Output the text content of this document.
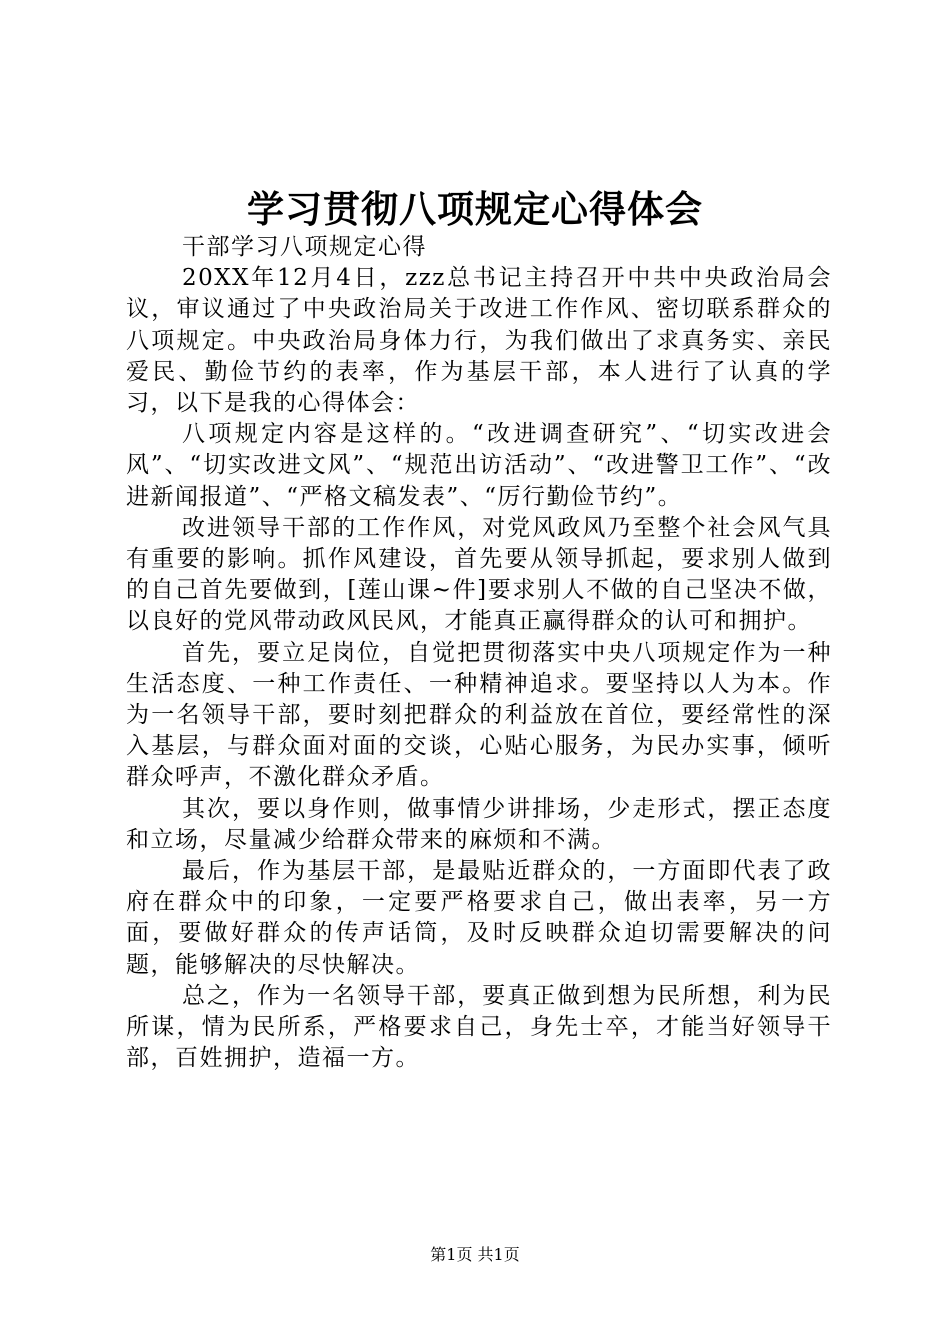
学习贯彻八项规定心得体会

干部学习八项规定心得

20XX年12月4日，zzz总书记主持召开中共中央政治局会议，审议通过了中央政治局关于改进工作作风、密切联系群众的八项规定。中央政治局身体力行，为我们做出了求真务实、亲民爱民、勤俭节约的表率，作为基层干部，本人进行了认真的学习，以下是我的心得体会：

八项规定内容是这样的。“改进调查研究”、“切实改进会风”、“切实改进文风”、“规范出访活动”、“改进警卫工作”、“改进新闻报道”、“严格文稿发表”、“厉行勤俭节约”。

改进领导干部的工作作风，对党风政风乃至整个社会风气具有重要的影响。抓作风建设，首先要从领导抓起，要求别人做到的自己首先要做到，[莲山课~件]要求别人不做的自己坚决不做，以良好的党风带动政风民风，才能真正赢得群众的认可和拥护。

首先，要立足岗位，自觉把贯彻落实中央八项规定作为一种生活态度、一种工作责任、一种精神追求。要坚持以人为本。作为一名领导干部，要时刻把群众的利益放在首位，要经常性的深入基层，与群众面对面的交谈，心贴心服务，为民办实事，倾听群众呼声，不激化群众矛盾。

其次，要以身作则，做事情少讲排场，少走形式，摆正态度和立场，尽量减少给群众带来的麻烦和不满。

最后，作为基层干部，是最贴近群众的，一方面即代表了政府在群众中的印象，一定要严格要求自己，做出表率，另一方面，要做好群众的传声话筒，及时反映群众迫切需要解决的问题，能够解决的尽快解决。

总之，作为一名领导干部，要真正做到想为民所想，利为民所谋，情为民所系，严格要求自己，身先士卒，才能当好领导干部，百姓拥护，造福一方。

第1页 共1页
